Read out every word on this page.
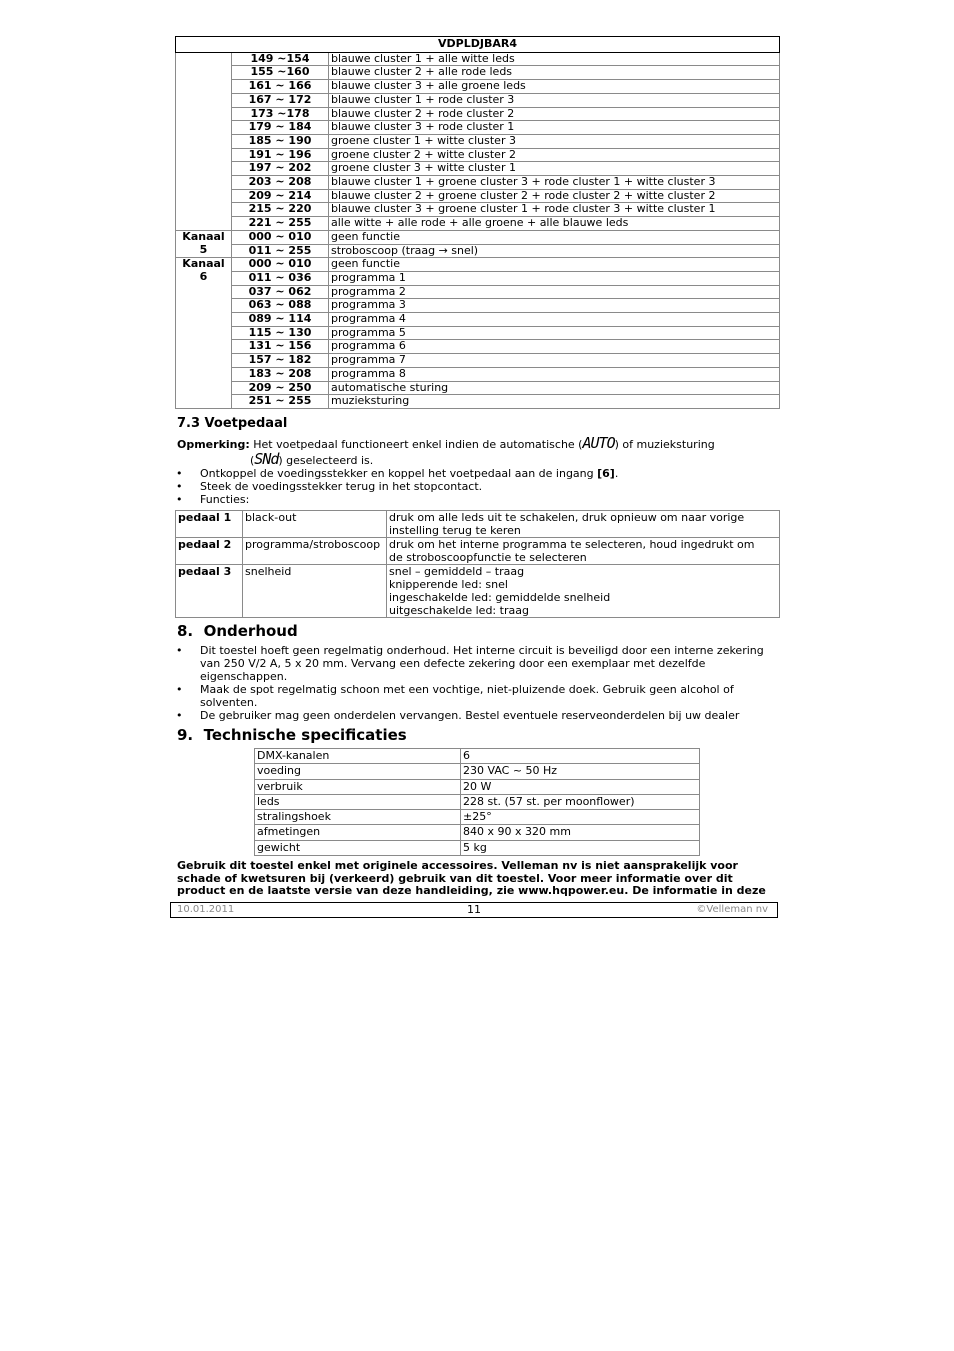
VDPLDJBAR4		
	149 ~154	blauwe cluster 1 + alle witte leds
	155 ~160	blauwe cluster 2 + alle rode leds
	161 ~ 166	blauwe cluster 3 + alle groene leds
	167 ~ 172	blauwe cluster 1 + rode cluster 3
	173 ~178	blauwe cluster 2 + rode cluster 2
	179 ~ 184	blauwe cluster 3 + rode cluster 1
	185 ~ 190	groene cluster 1 + witte cluster 3
	191 ~ 196	groene cluster 2 + witte cluster 2
	197 ~ 202	groene cluster 3 + witte cluster 1
	203 ~ 208	blauwe cluster 1 + groene cluster 3 + rode cluster 1 + witte cluster 3
	209 ~ 214	blauwe cluster 2 + groene cluster 2 + rode cluster 2 + witte cluster 2
	215 ~ 220	blauwe cluster 3 + groene cluster 1 + rode cluster 3 + witte cluster 1
	221 ~ 255	alle witte + alle rode + alle groene + alle blauwe leds
Kanaal 5	000 ~ 010	geen functie
	011 ~ 255	stroboscoop (traag → snel)
Kanaal 6	000 ~ 010	geen functie
	011 ~ 036	programma 1
	037 ~ 062	programma 2
	063 ~ 088	programma 3
	089 ~ 114	programma 4
	115 ~ 130	programma 5
	131 ~ 156	programma 6
	157 ~ 182	programma 7
	183 ~ 208	programma 8
	209 ~ 250	automatische sturing
	251 ~ 255	muzieksturing
7.3 Voetpedaal
Opmerking: Het voetpedaal functioneert enkel indien de automatische (AUTO) of muzieksturing
(SNd) geselecteerd is.
• Ontkoppel de voedingsstekker en koppel het voetpedaal aan de ingang [6].
• Steek de voedingsstekker terug in het stopcontact.
• Functies:
pedaal 1	black-out	druk om alle leds uit te schakelen, druk opnieuw om naar vorige
instelling terug te keren

pedaal 2	programma/stroboscoop	druk om het interne programma te selecteren, houd ingedrukt om
de stroboscoopfunctie te selecteren

pedaal 3	snelheid	snel – gemiddeld – traag
knipperende led: snel
ingeschakelde led: gemiddelde snelheid
uitgeschakelde led: traag
8.  Onderhoud
• Dit toestel hoeft geen regelmatig onderhoud. Het interne circuit is beveiligd door een interne zekering van 250 V/2 A, 5 x 20 mm. Vervang een defecte zekering door een exemplaar met dezelfde eigenschappen.
• Maak de spot regelmatig schoon met een vochtige, niet-pluizende doek. Gebruik geen alcohol of solventen.
• De gebruiker mag geen onderdelen vervangen. Bestel eventuele reserveonderdelen bij uw dealer
9.  Technische specificaties
DMX-kanalen	6
voeding	230 VAC ~ 50 Hz
verbruik	20 W
leds	228 st. (57 st. per moonflower)
stralingshoek	±25°
afmetingen	840 x 90 x 320 mm
gewicht	5 kg
Gebruik dit toestel enkel met originele accessoires. Velleman nv is niet aansprakelijk voor
schade of kwetsuren bij (verkeerd) gebruik van dit toestel. Voor meer informatie over dit
product en de laatste versie van deze handleiding, zie www.hqpower.eu. De informatie in deze
10.01.2011	11	©Velleman nv
